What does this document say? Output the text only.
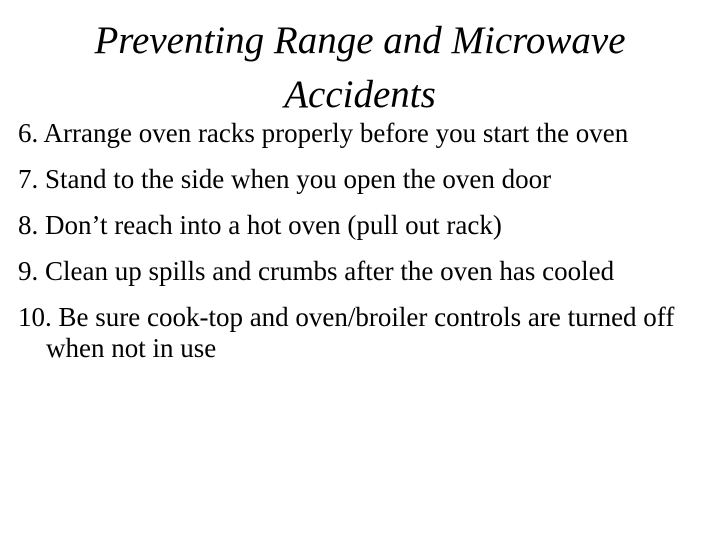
Preventing Range and Microwave
Accidents
6. Arrange oven racks properly before you start the oven
7. Stand to the side when you open the oven door
8. Don’t reach into a hot oven (pull out rack)
9. Clean up spills and crumbs after the oven has cooled
10. Be sure cook-top and oven/broiler controls are turned off when not in use
